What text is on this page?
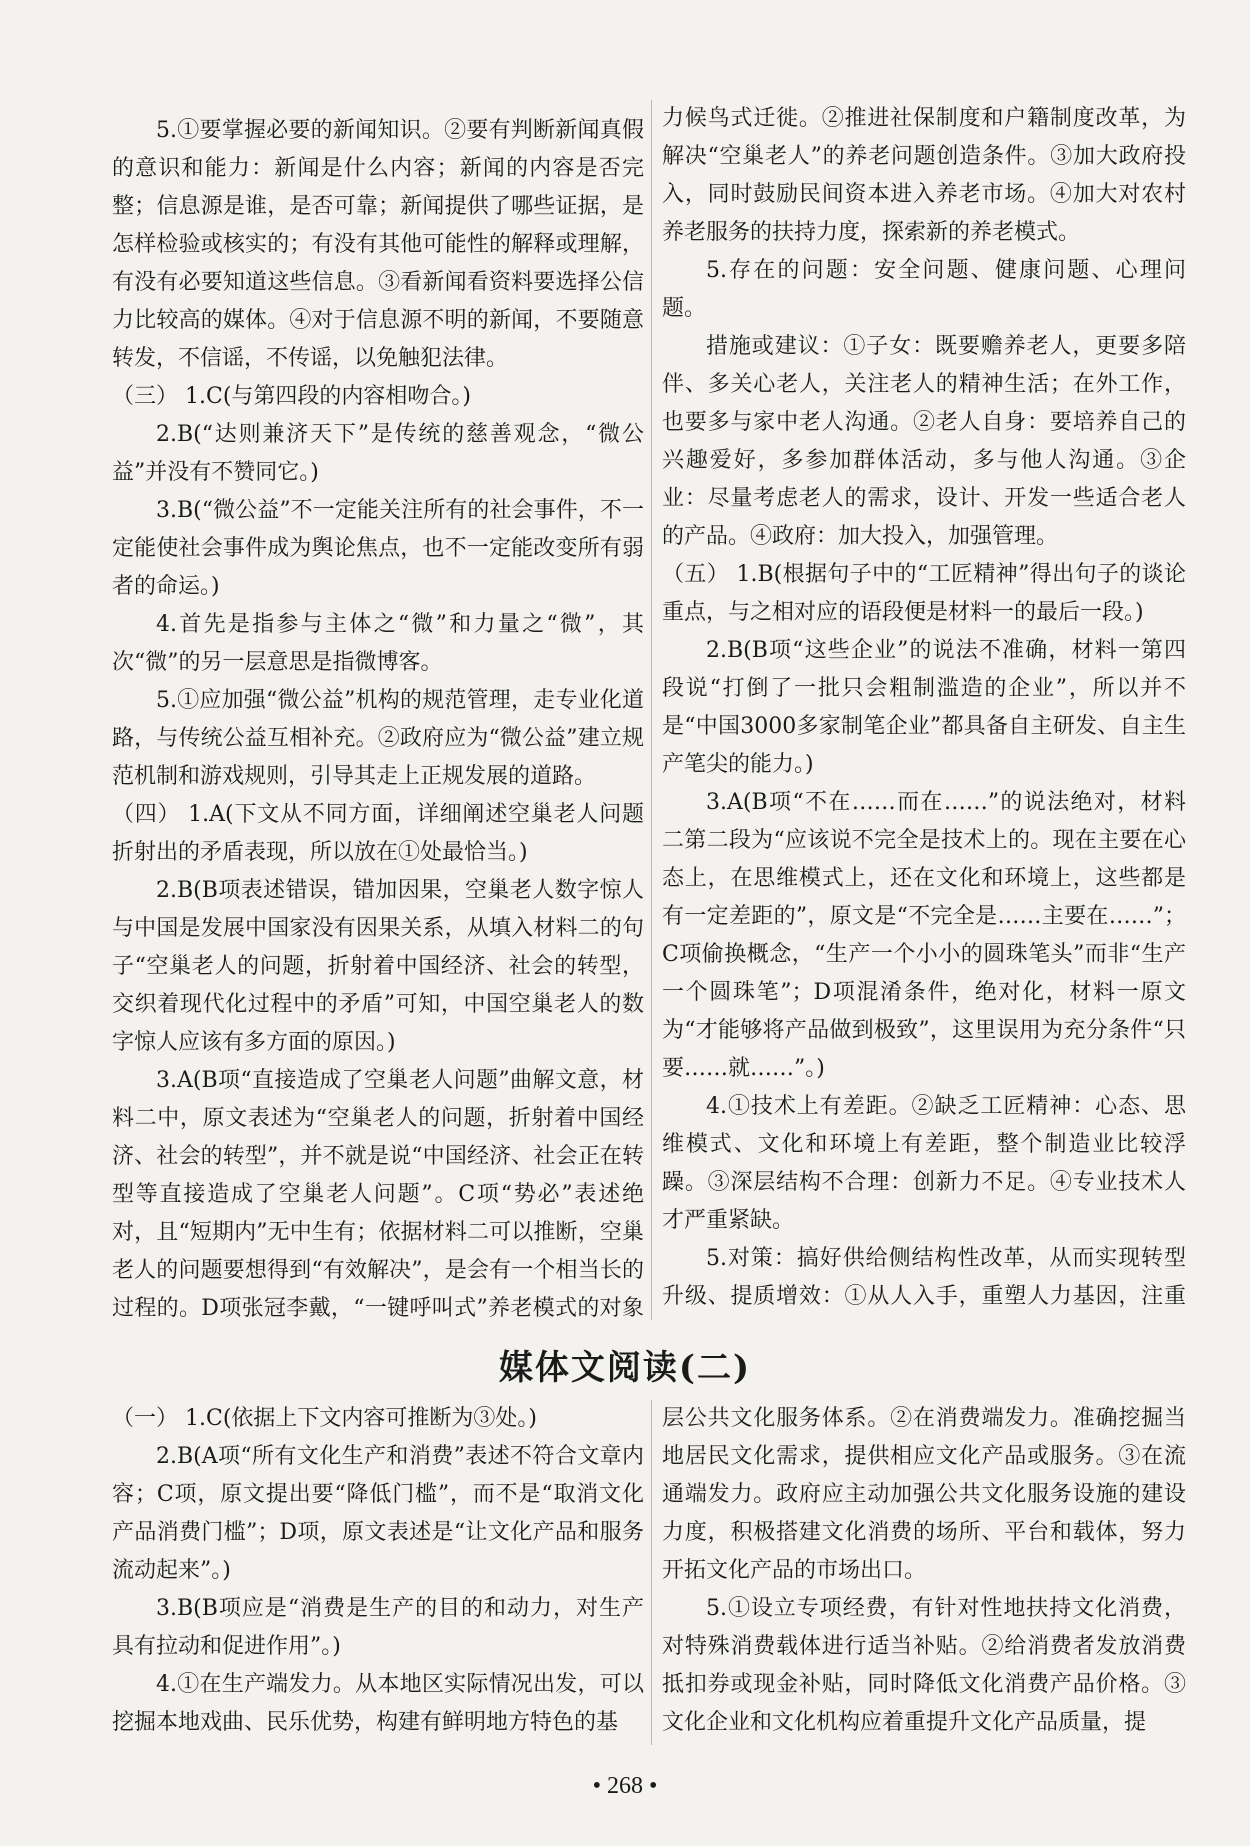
5.①要掌握必要的新闻知识。②要有判断新闻真假的意识和能力：新闻是什么内容；新闻的内容是否完整；信息源是谁，是否可靠；新闻提供了哪些证据，是怎样检验或核实的；有没有其他可能性的解释或理解，有没有必要知道这些信息。③看新闻看资料要选择公信力比较高的媒体。④对于信息源不明的新闻，不要随意转发，不信谣，不传谣，以免触犯法律。

（三） 1.C(与第四段的内容相吻合。)

2.B(“达则兼济天下”是传统的慈善观念，“微公益”并没有不赞同它。)

3.B(“微公益”不一定能关注所有的社会事件，不一定能使社会事件成为舆论焦点，也不一定能改变所有弱者的命运。)

4.首先是指参与主体之“微”和力量之“微”，其次“微”的另一层意思是指微博客。

5.①应加强“微公益”机构的规范管理，走专业化道路，与传统公益互相补充。②政府应为“微公益”建立规范机制和游戏规则，引导其走上正规发展的道路。

（四） 1.A(下文从不同方面，详细阐述空巢老人问题折射出的矛盾表现，所以放在①处最恰当。)

2.B(B项表述错误，错加因果，空巢老人数字惊人与中国是发展中国家没有因果关系，从填入材料二的句子“空巢老人的问题，折射着中国经济、社会的转型，交织着现代化过程中的矛盾”可知，中国空巢老人的数字惊人应该有多方面的原因。)

3.A(B项“直接造成了空巢老人问题”曲解文意，材料二中，原文表述为“空巢老人的问题，折射着中国经济、社会的转型”，并不就是说“中国经济、社会正在转型等直接造成了空巢老人问题”。C项“势必”表述绝对，且“短期内”无中生有；依据材料二可以推断，空巢老人的问题要想得到“有效解决”，是会有一个相当长的过程的。D项张冠李戴，“一键呼叫式”养老模式的对象

力候鸟式迁徙。②推进社保制度和户籍制度改革，为解决“空巢老人”的养老问题创造条件。③加大政府投入，同时鼓励民间资本进入养老市场。④加大对农村养老服务的扶持力度，探索新的养老模式。

5.存在的问题：安全问题、健康问题、心理问题。

措施或建议：①子女：既要赡养老人，更要多陪伴、多关心老人，关注老人的精神生活；在外工作，也要多与家中老人沟通。②老人自身：要培养自己的兴趣爱好，多参加群体活动，多与他人沟通。③企业：尽量考虑老人的需求，设计、开发一些适合老人的产品。④政府：加大投入，加强管理。

（五） 1.B(根据句子中的“工匠精神”得出句子的谈论重点，与之相对应的语段便是材料一的最后一段。)

2.B(B项“这些企业”的说法不准确，材料一第四段说“打倒了一批只会粗制滥造的企业”，所以并不是“中国3000多家制笔企业”都具备自主研发、自主生产笔尖的能力。)

3.A(B项“不在……而在……”的说法绝对，材料二第二段为“应该说不完全是技术上的。现在主要在心态上，在思维模式上，还在文化和环境上，这些都是有一定差距的”，原文是“不完全是……主要在……”；C项偷换概念，“生产一个小小的圆珠笔头”而非“生产一个圆珠笔”；D项混淆条件，绝对化，材料一原文为“才能够将产品做到极致”，这里误用为充分条件“只要……就……”。)

4.①技术上有差距。②缺乏工匠精神：心态、思维模式、文化和环境上有差距，整个制造业比较浮躁。③深层结构不合理：创新力不足。④专业技术人才严重紧缺。

5.对策：搞好供给侧结构性改革，从而实现转型升级、提质增效：①从人入手，重塑人力基因，注重

媒体文阅读(二)

（一） 1.C(依据上下文内容可推断为③处。)

2.B(A项“所有文化生产和消费”表述不符合文章内容；C项，原文提出要“降低门槛”，而不是“取消文化产品消费门槛”；D项，原文表述是“让文化产品和服务流动起来”。)

3.B(B项应是“消费是生产的目的和动力，对生产具有拉动和促进作用”。)

4.①在生产端发力。从本地区实际情况出发，可以挖掘本地戏曲、民乐优势，构建有鲜明地方特色的基

层公共文化服务体系。②在消费端发力。准确挖掘当地居民文化需求，提供相应文化产品或服务。③在流通端发力。政府应主动加强公共文化服务设施的建设力度，积极搭建文化消费的场所、平台和载体，努力开拓文化产品的市场出口。

5.①设立专项经费，有针对性地扶持文化消费，对特殊消费载体进行适当补贴。②给消费者发放消费抵扣券或现金补贴，同时降低文化消费产品价格。③文化企业和文化机构应着重提升文化产品质量，提

• 268 •
